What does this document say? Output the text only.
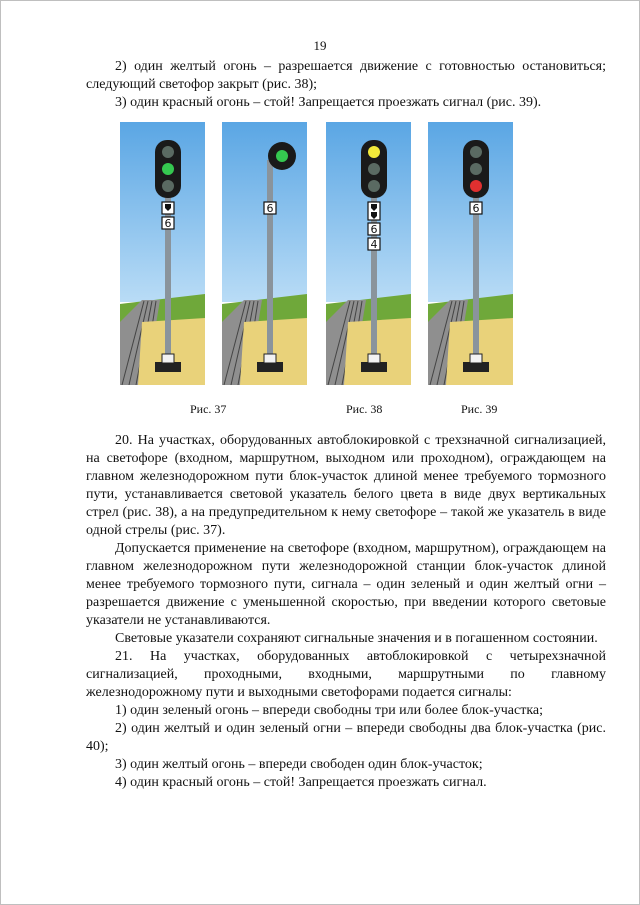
19

2) один желтый огонь – разрешается движение с готовностью остановиться; следующий светофор закрыт (рис. 38);

3) один красный огонь – стой! Запрещается проезжать сигнал (рис. 39).

6
6
6
4
6
Рис. 37	Рис. 38	Рис. 39

20. На участках, оборудованных автоблокировкой с трехзначной сигнализацией, на светофоре (входном, маршрутном, выходном или проходном), ограждающем на главном железнодорожном пути блок-участок длиной менее требуемого тормозного пути, устанавливается световой указатель белого цвета в виде двух вертикальных стрел (рис. 38), а на предупредительном к нему светофоре – такой же указатель в виде одной стрелы (рис. 37).

Допускается применение на светофоре (входном, маршрутном), ограждающем на главном железнодорожном пути железнодорожной станции блок-участок длиной менее требуемого тормозного пути, сигнала – один зеленый и один желтый огни – разрешается движение с уменьшенной скоростью, при введении которого световые указатели не устанавливаются.

Световые указатели сохраняют сигнальные значения и в погашенном состоянии.

21. На участках, оборудованных автоблокировкой с четырехзначной сигнализацией, проходными, входными, маршрутными по главному железнодорожному пути и выходными светофорами подается сигналы:

1) один зеленый огонь – впереди свободны три или более блок-участка;

2) один желтый и один зеленый огни – впереди свободны два блок-участка (рис. 40);

3) один желтый огонь – впереди свободен один блок-участок;

4) один красный огонь – стой! Запрещается проезжать сигнал.
